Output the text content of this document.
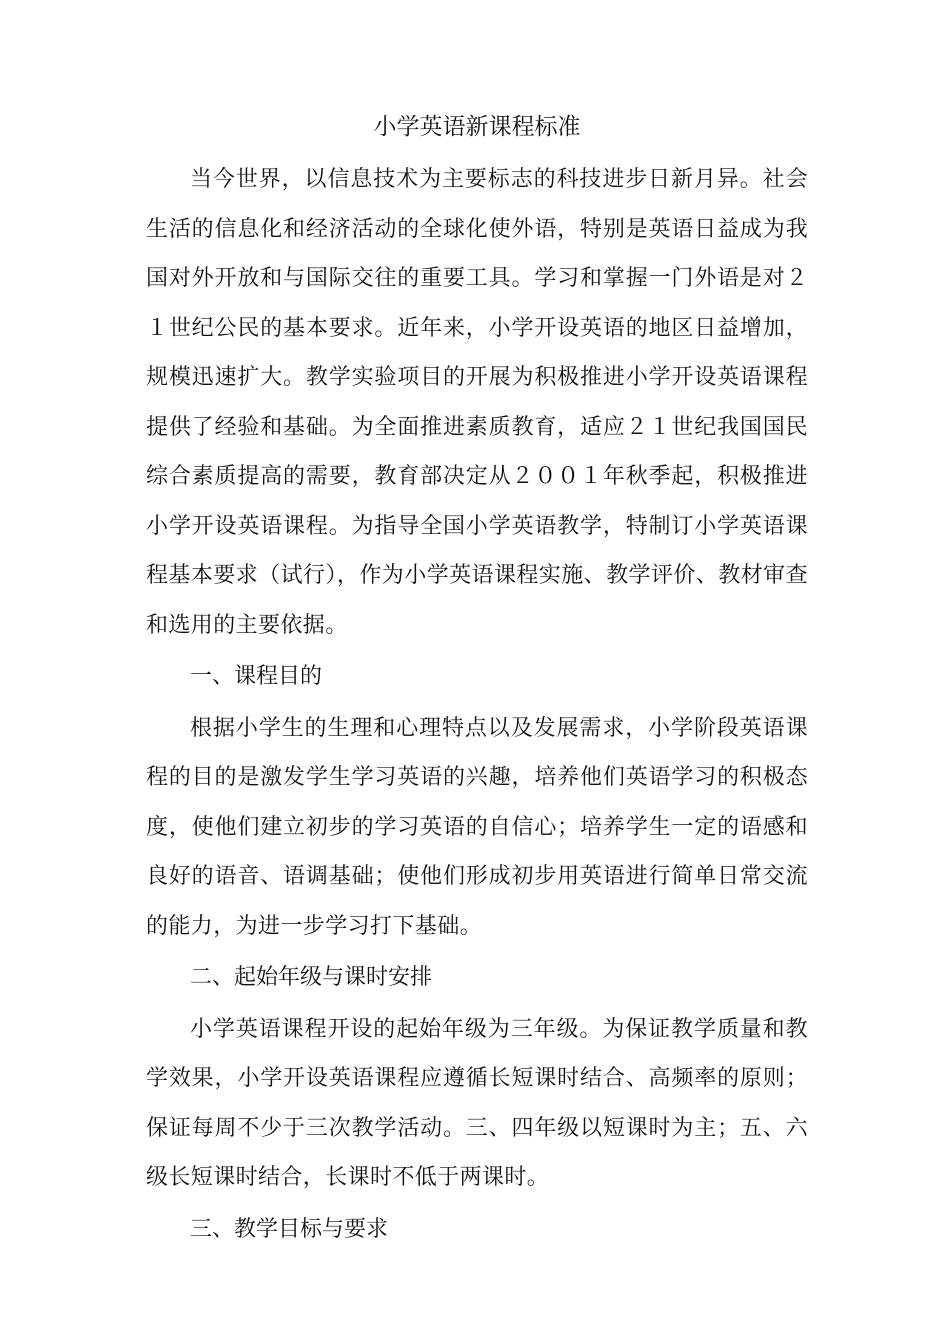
小学英语新课程标准

当今世界，以信息技术为主要标志的科技进步日新月异。社会生活的信息化和经济活动的全球化使外语，特别是英语日益成为我国对外开放和与国际交往的重要工具。学习和掌握一门外语是对２１世纪公民的基本要求。近年来，小学开设英语的地区日益增加，规模迅速扩大。教学实验项目的开展为积极推进小学开设英语课程提供了经验和基础。为全面推进素质教育，适应２１世纪我国国民综合素质提高的需要，教育部决定从２００１年秋季起，积极推进小学开设英语课程。为指导全国小学英语教学，特制订小学英语课程基本要求（试行），作为小学英语课程实施、教学评价、教材审查和选用的主要依据。

一、课程目的

根据小学生的生理和心理特点以及发展需求，小学阶段英语课程的目的是激发学生学习英语的兴趣，培养他们英语学习的积极态度，使他们建立初步的学习英语的自信心；培养学生一定的语感和良好的语音、语调基础；使他们形成初步用英语进行简单日常交流的能力，为进一步学习打下基础。

二、起始年级与课时安排

小学英语课程开设的起始年级为三年级。为保证教学质量和教学效果，小学开设英语课程应遵循长短课时结合、高频率的原则；保证每周不少于三次教学活动。三、四年级以短课时为主；五、六级长短课时结合，长课时不低于两课时。

三、教学目标与要求
